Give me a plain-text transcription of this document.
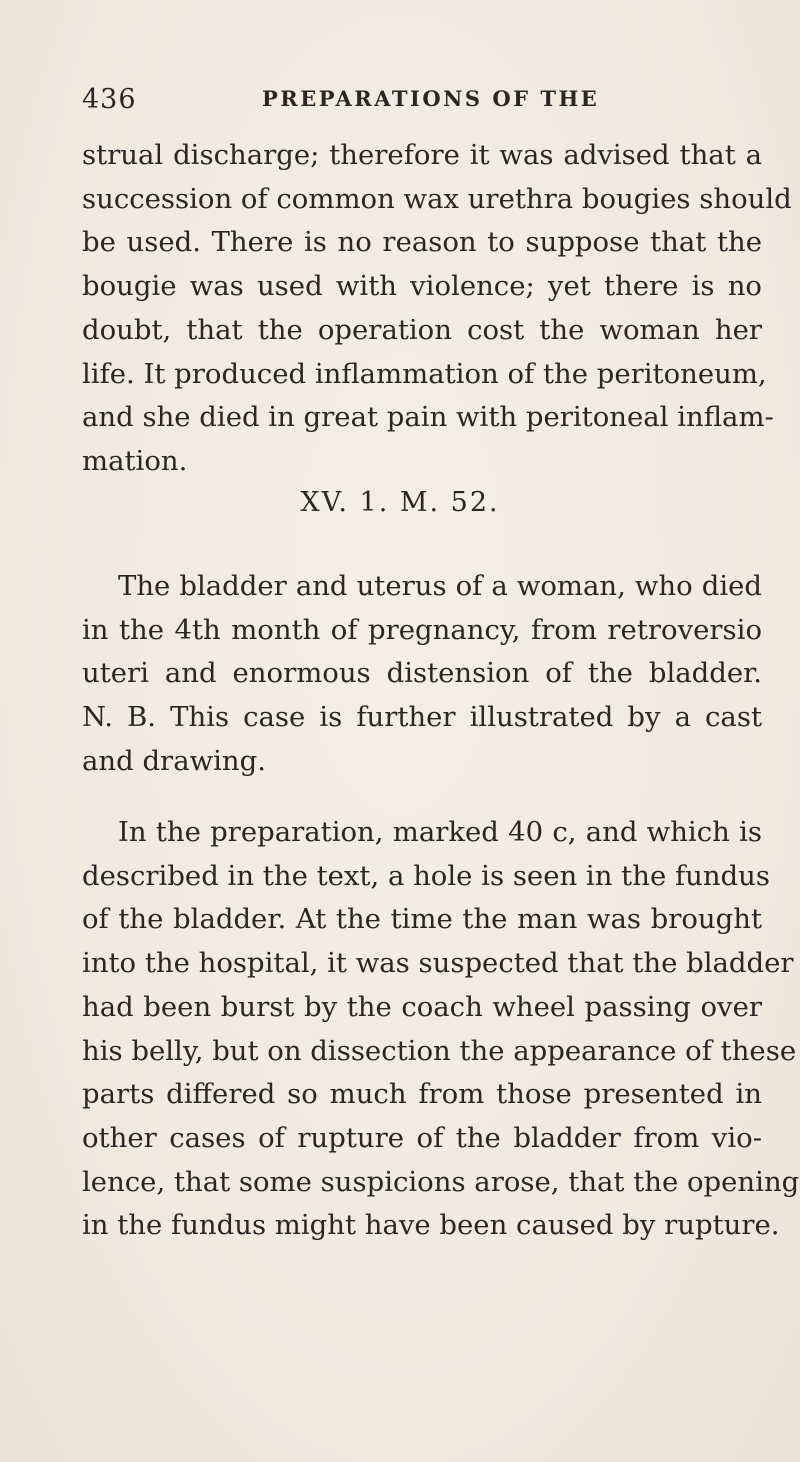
436	PREPARATIONS OF THE

strual discharge; therefore it was advised that a
succession of common wax urethra bougies should
be used. There is no reason to suppose that the
bougie was used with violence; yet there is no
doubt, that the operation cost the woman her
life. It produced inflammation of the peritoneum,
and she died in great pain with peritoneal inflam-
mation.

XV. 1. M. 52.

The bladder and uterus of a woman, who died
in the 4th month of pregnancy, from retroversio
uteri and enormous distension of the bladder.
N. B. This case is further illustrated by a cast
and drawing.

In the preparation, marked 40 c, and which is
described in the text, a hole is seen in the fundus
of the bladder. At the time the man was brought
into the hospital, it was suspected that the bladder
had been burst by the coach wheel passing over
his belly, but on dissection the appearance of these
parts differed so much from those presented in
other cases of rupture of the bladder from vio-
lence, that some suspicions arose, that the opening
in the fundus might have been caused by rupture.
